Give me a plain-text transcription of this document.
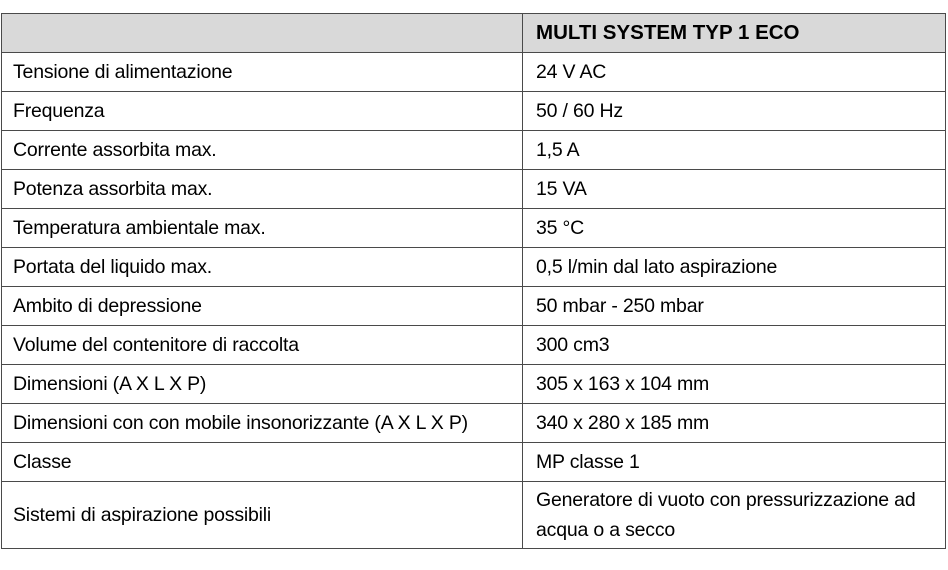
	MULTI SYSTEM TYP 1 ECO
Tensione di alimentazione	24 V AC
Frequenza	50 / 60 Hz
Corrente assorbita max.	1,5 A
Potenza assorbita max.	15 VA
Temperatura ambientale max.	35 °C
Portata del liquido max.	0,5 l/min dal lato aspirazione
Ambito di depressione	50 mbar - 250 mbar
Volume del contenitore di raccolta	300 cm3
Dimensioni (A X L X P)	305 x 163 x 104 mm
Dimensioni con con mobile insonorizzante (A X L X P)	340 x 280 x 185 mm
Classe	MP classe 1
Sistemi di aspirazione possibili	Generatore di vuoto con pressurizzazione ad acqua o a secco
